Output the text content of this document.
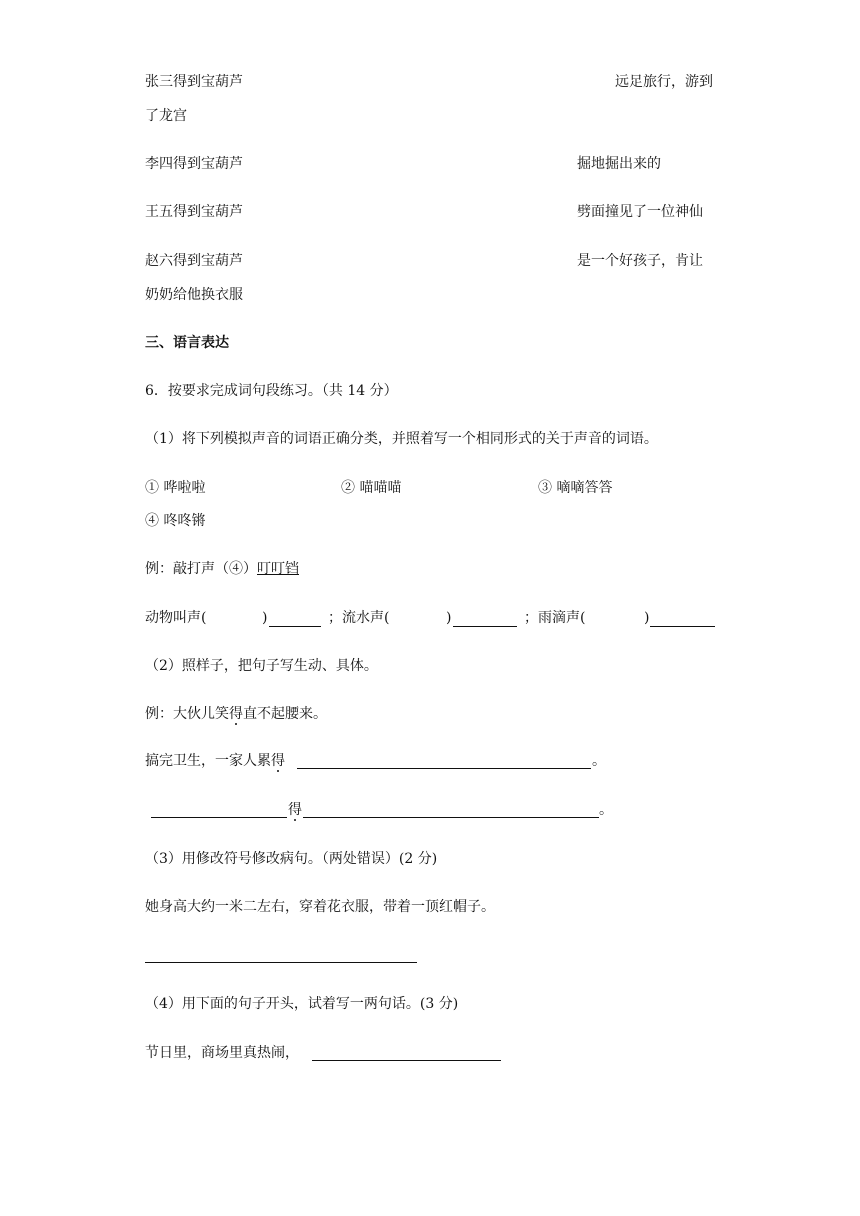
张三得到宝葫芦	远足旅行，游到
了龙宫
李四得到宝葫芦	掘地掘出来的
王五得到宝葫芦	劈面撞见了一位神仙
赵六得到宝葫芦	是一个好孩子，肯让
奶奶给他换衣服
三、语言表达
6．按要求完成词句段练习。（共 14 分）
（1）将下列模拟声音的词语正确分类，并照着写一个相同形式的关于声音的词语。
① 哗啦啦	② 喵喵喵	③ 嘀嘀答答
④ 咚咚锵
例：敲打声（④）叮叮铛
动物叫声(	)	；流水声(	)	；雨滴声(	)
（2）照样子，把句子写生动、具体。
例：大伙儿笑得直不起腰来。
搞完卫生，一家人累得	。
得	。
（3）用修改符号修改病句。（两处错误）(2 分)
她身高大约一米二左右，穿着花衣服，带着一顶红帽子。
（4）用下面的句子开头，试着写一两句话。(3 分)
节日里，商场里真热闹，
